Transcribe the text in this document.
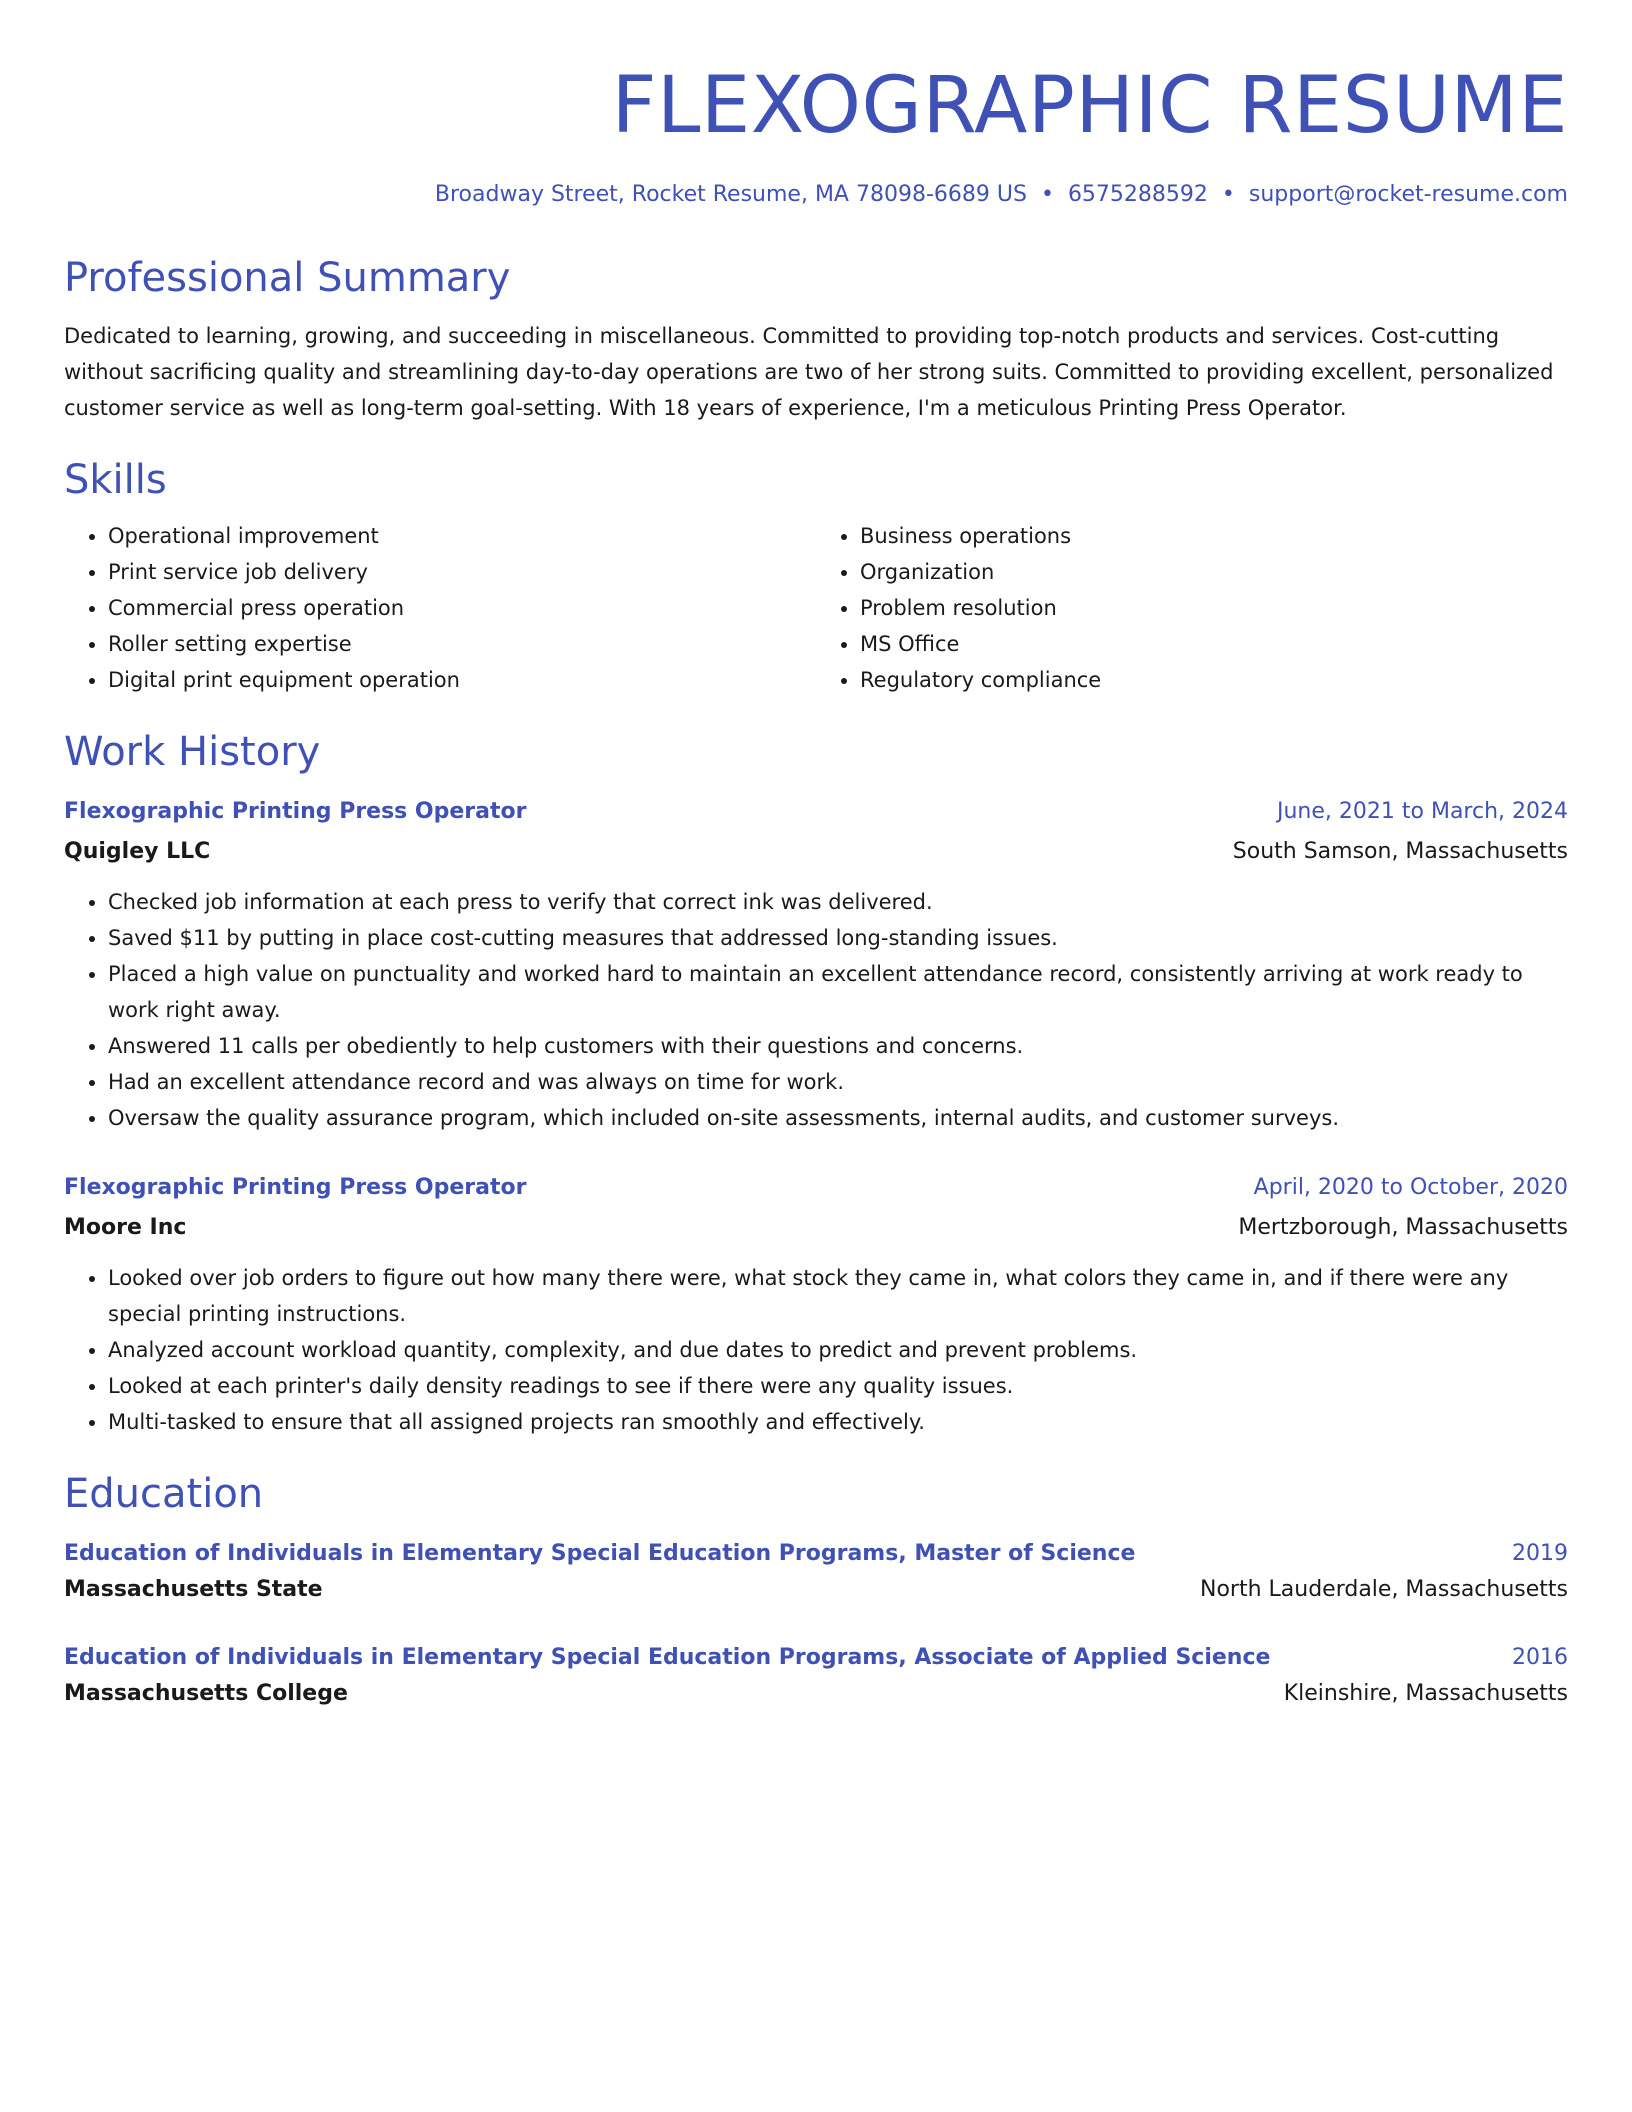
FLEXOGRAPHIC RESUME
Broadway Street, Rocket Resume, MA 78098-6689 US • 6575288592 • support@rocket-resume.com
Professional Summary

Dedicated to learning, growing, and succeeding in miscellaneous. Committed to providing top-notch products and services. Cost-cutting without sacrificing quality and streamlining day-to-day operations are two of her strong suits. Committed to providing excellent, personalized customer service as well as long-term goal-setting. With 18 years of experience, I'm a meticulous Printing Press Operator.

Skills
• Operational improvement
• Print service job delivery
• Commercial press operation
• Roller setting expertise
• Digital print equipment operation
• Business operations
• Organization
• Problem resolution
• MS Office
• Regulatory compliance
Work History
Flexographic Printing Press Operator	June, 2021 to March, 2024
Quigley LLC	South Samson, Massachusetts
• Checked job information at each press to verify that correct ink was delivered.
• Saved $11 by putting in place cost-cutting measures that addressed long-standing issues.
• Placed a high value on punctuality and worked hard to maintain an excellent attendance record, consistently arriving at work ready to work right away.
• Answered 11 calls per obediently to help customers with their questions and concerns.
• Had an excellent attendance record and was always on time for work.
• Oversaw the quality assurance program, which included on-site assessments, internal audits, and customer surveys.
Flexographic Printing Press Operator	April, 2020 to October, 2020
Moore Inc	Mertzborough, Massachusetts
• Looked over job orders to figure out how many there were, what stock they came in, what colors they came in, and if there were any special printing instructions.
• Analyzed account workload quantity, complexity, and due dates to predict and prevent problems.
• Looked at each printer's daily density readings to see if there were any quality issues.
• Multi-tasked to ensure that all assigned projects ran smoothly and effectively.
Education
Education of Individuals in Elementary Special Education Programs, Master of Science	2019
Massachusetts State	North Lauderdale, Massachusetts
Education of Individuals in Elementary Special Education Programs, Associate of Applied Science	2016
Massachusetts College	Kleinshire, Massachusetts
